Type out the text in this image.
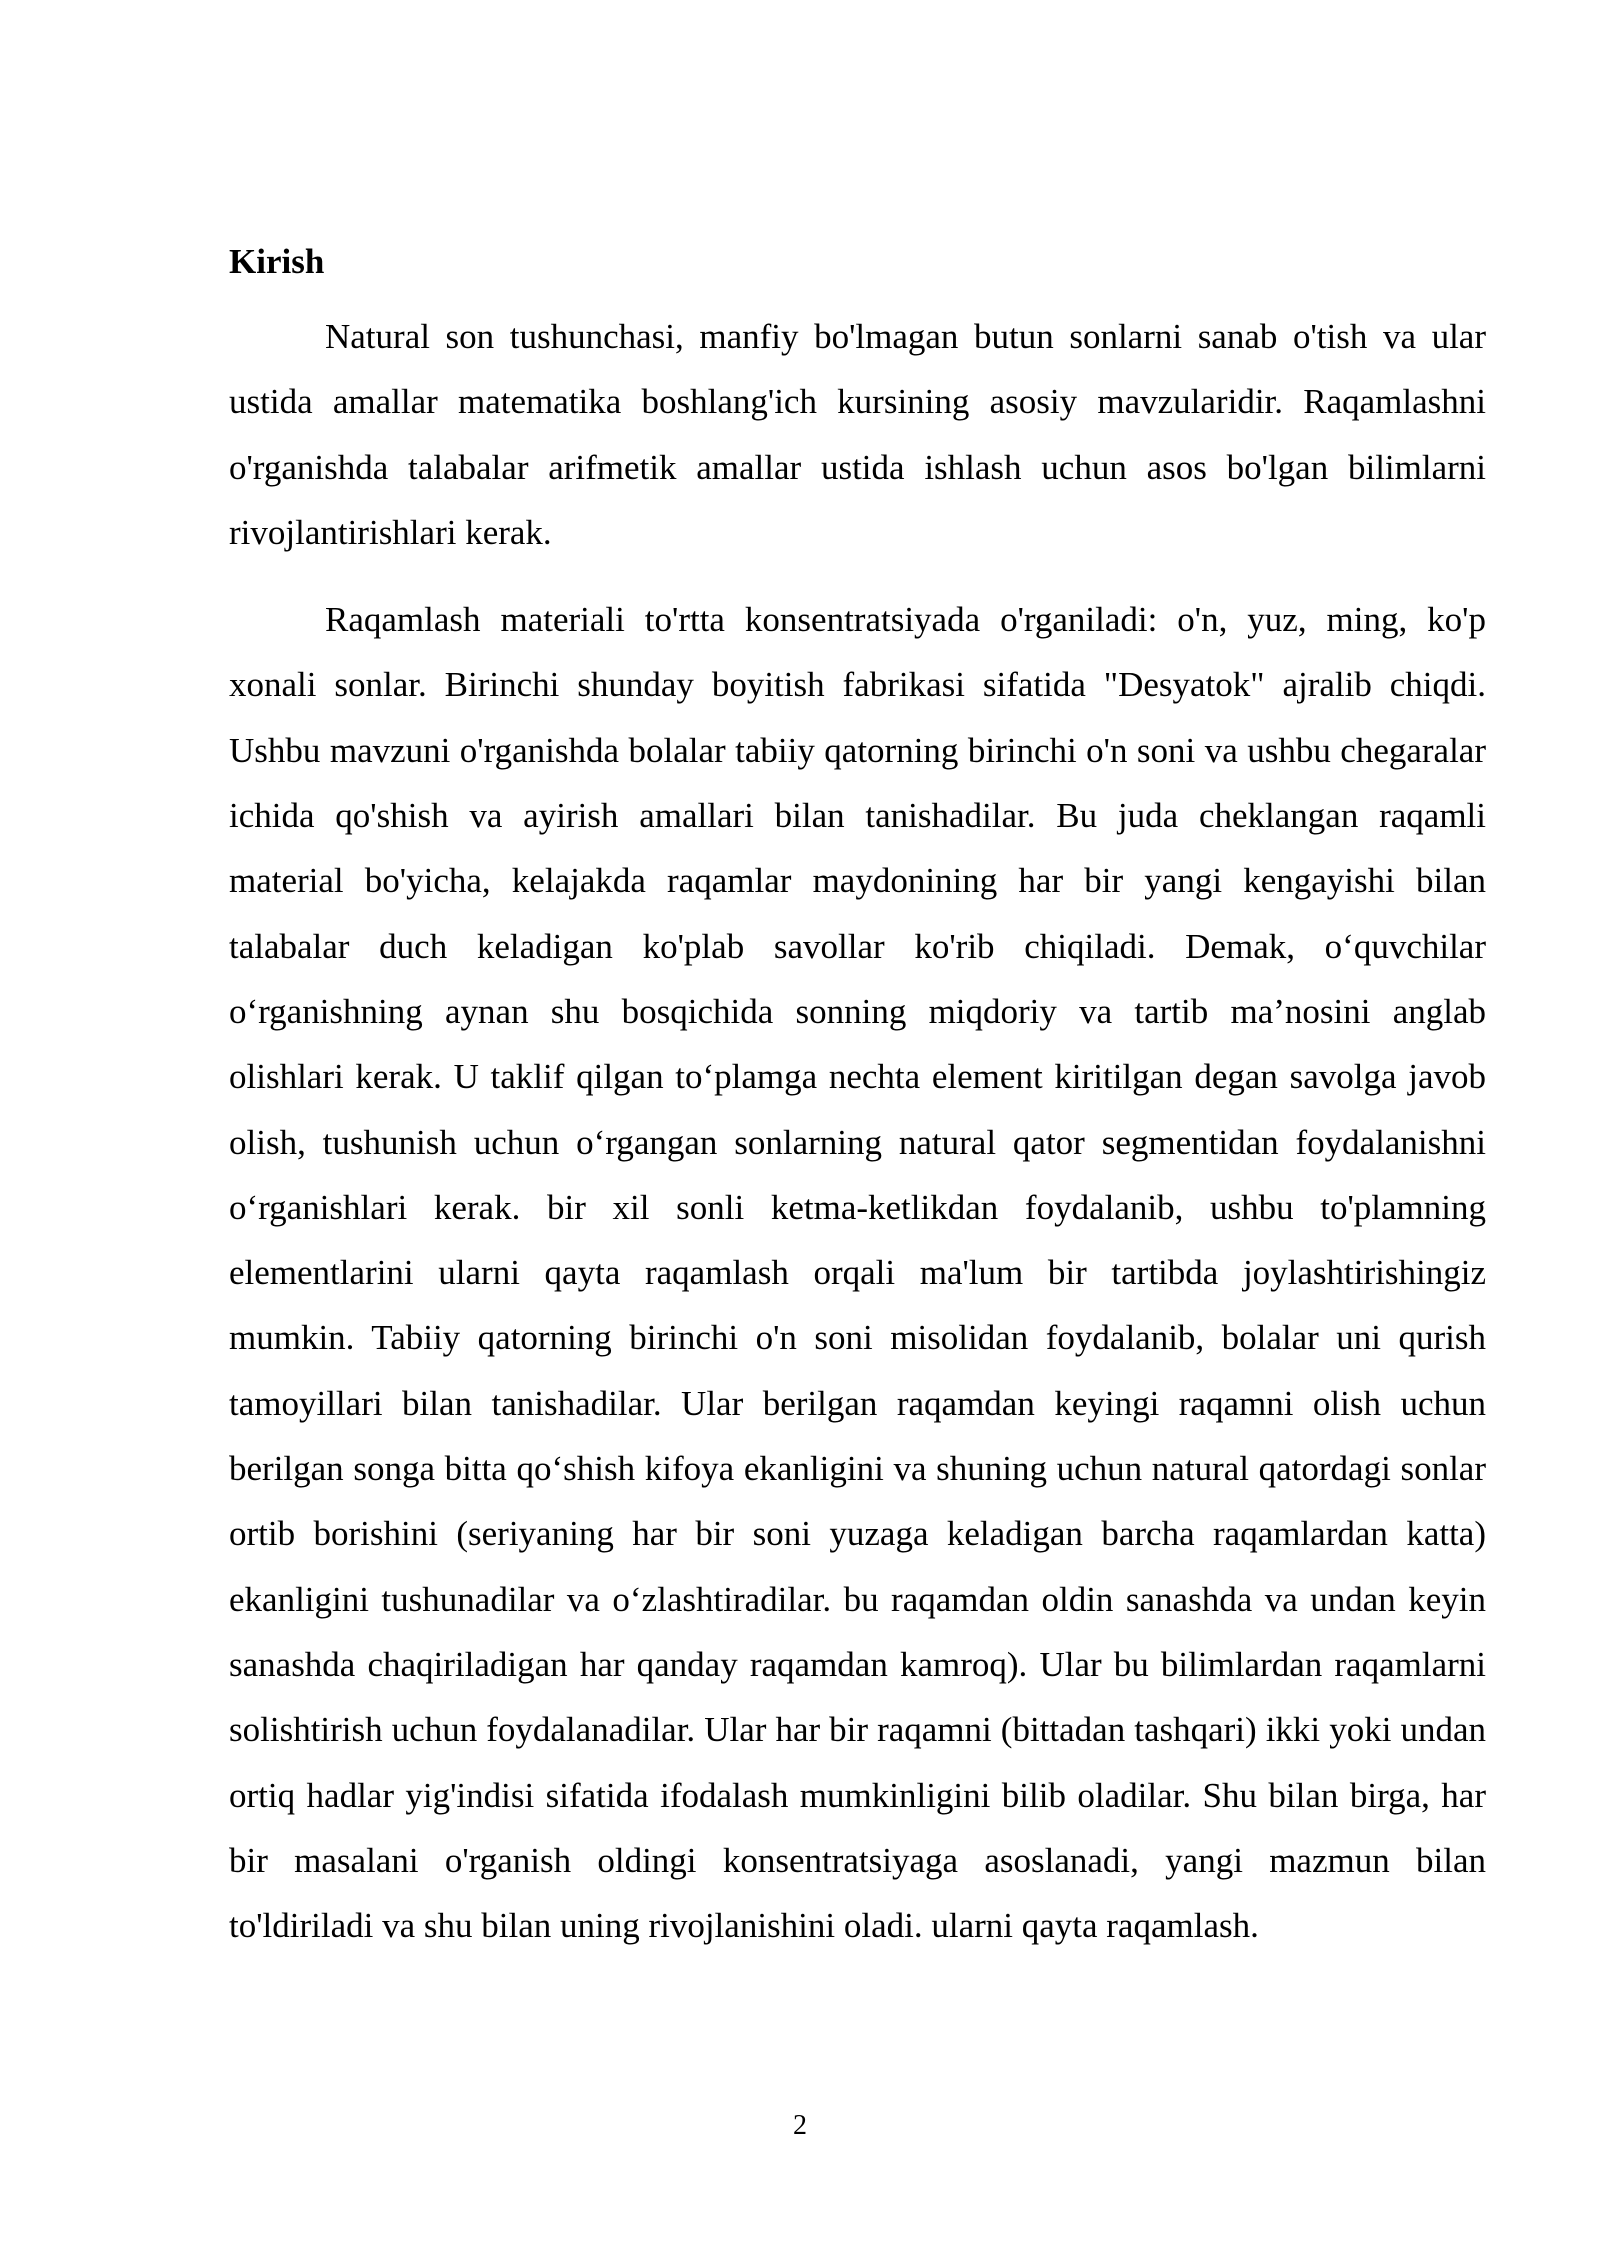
Kirish

Natural son tushunchasi, manfiy bo'lmagan butun sonlarni sanab o'tish va ular ustida amallar matematika boshlang'ich kursining asosiy mavzularidir. Raqamlashni o'rganishda talabalar arifmetik amallar ustida ishlash uchun asos bo'lgan bilimlarni rivojlantirishlari kerak.

Raqamlash materiali to'rtta konsentratsiyada o'rganiladi: o'n, yuz, ming, ko'p xonali sonlar. Birinchi shunday boyitish fabrikasi sifatida "Desyatok" ajralib chiqdi. Ushbu mavzuni o'rganishda bolalar tabiiy qatorning birinchi o'n soni va ushbu chegaralar ichida qo'shish va ayirish amallari bilan tanishadilar. Bu juda cheklangan raqamli material bo'yicha, kelajakda raqamlar maydonining har bir yangi kengayishi bilan talabalar duch keladigan ko'plab savollar ko'rib chiqiladi. Demak, o‘quvchilar o‘rganishning aynan shu bosqichida sonning miqdoriy va tartib ma’nosini anglab olishlari kerak. U taklif qilgan to‘plamga nechta element kiritilgan degan savolga javob olish, tushunish uchun o‘rgangan sonlarning natural qator segmentidan foydalanishni o‘rganishlari kerak. bir xil sonli ketma-ketlikdan foydalanib, ushbu to'plamning elementlarini ularni qayta raqamlash orqali ma'lum bir tartibda joylashtirishingiz mumkin. Tabiiy qatorning birinchi o'n soni misolidan foydalanib, bolalar uni qurish tamoyillari bilan tanishadilar. Ular berilgan raqamdan keyingi raqamni olish uchun berilgan songa bitta qo‘shish kifoya ekanligini va shuning uchun natural qatordagi sonlar ortib borishini (seriyaning har bir soni yuzaga keladigan barcha raqamlardan katta) ekanligini tushunadilar va o‘zlashtiradilar. bu raqamdan oldin sanashda va undan keyin sanashda chaqiriladigan har qanday raqamdan kamroq). Ular bu bilimlardan raqamlarni solishtirish uchun foydalanadilar. Ular har bir raqamni (bittadan tashqari) ikki yoki undan ortiq hadlar yig'indisi sifatida ifodalash mumkinligini bilib oladilar. Shu bilan birga, har bir masalani o'rganish oldingi konsentratsiyaga asoslanadi, yangi mazmun bilan to'ldiriladi va shu bilan uning rivojlanishini oladi. ularni qayta raqamlash.

2
